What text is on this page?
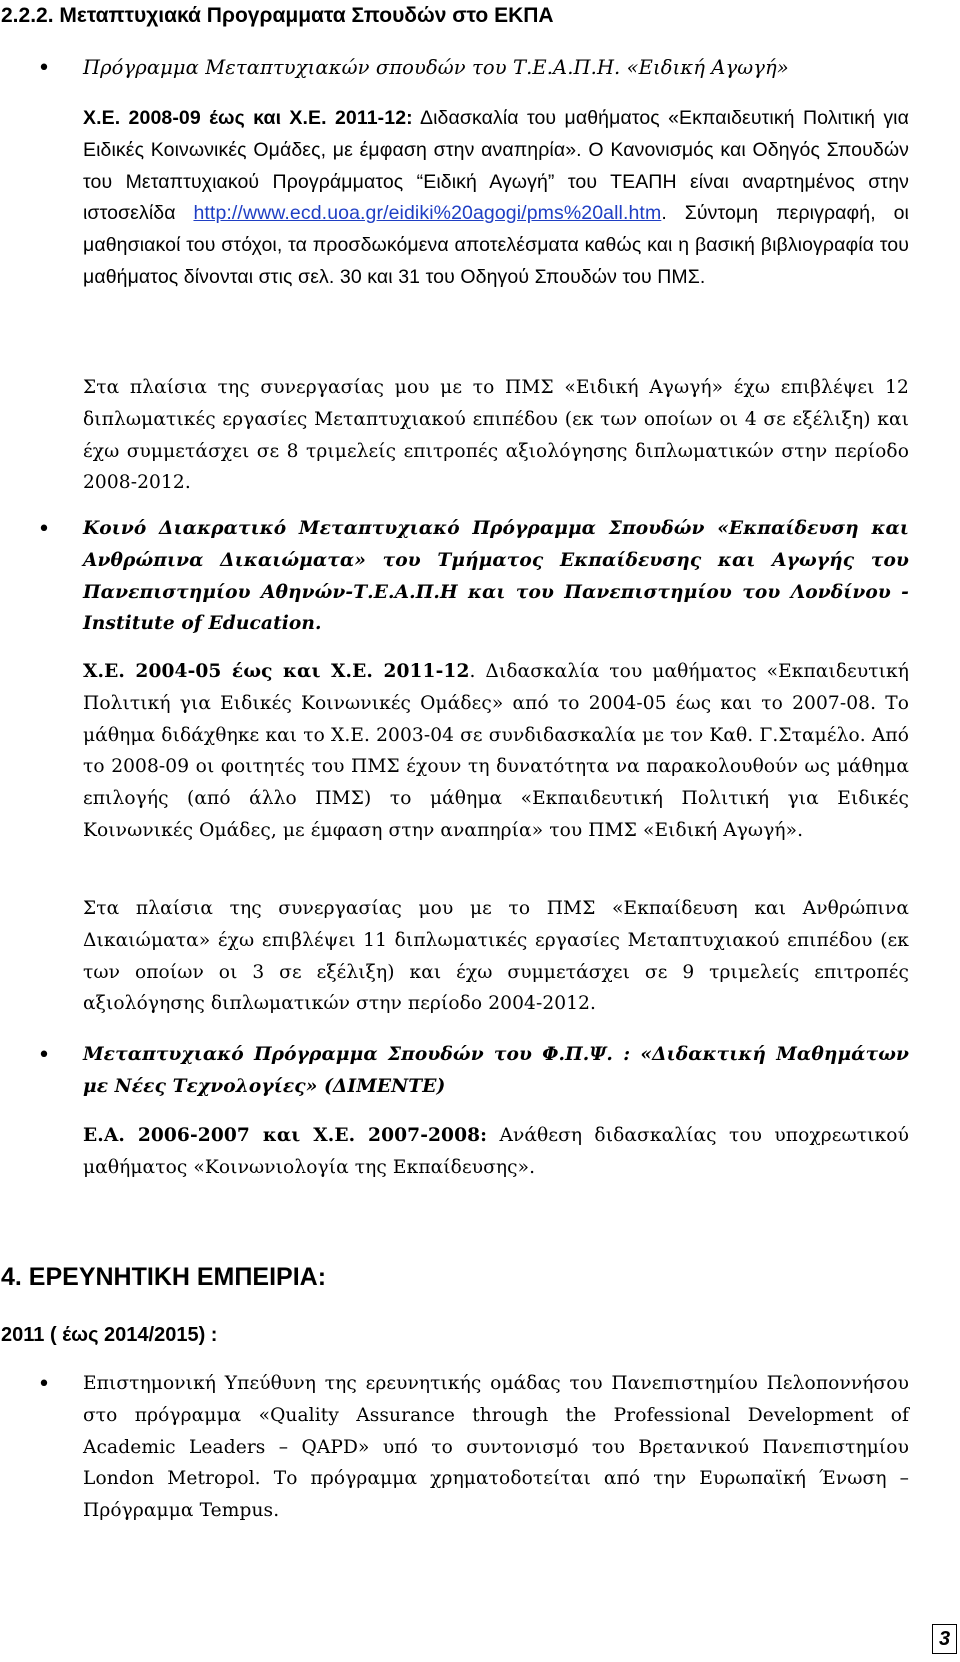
2.2.2. Μεταπτυχιακά Προγραμματα Σπουδών στο ΕΚΠΑ
• Πρόγραμμα Μεταπτυχιακών σπουδών του Τ.Ε.Α.Π.Η. «Ειδική Αγωγή»

Χ.Ε. 2008-09 έως και Χ.Ε. 2011-12: Διδασκαλία του μαθήματος «Εκπαιδευτική Πολιτική για Ειδικές Κοινωνικές Ομάδες, με έμφαση στην αναπηρία». Ο Κανονισμός και Οδηγός Σπουδών του Μεταπτυχιακού Προγράμματος “Ειδική Αγωγή” του ΤΕΑΠΗ είναι αναρτημένος στην ιστοσελίδα http://www.ecd.uoa.gr/eidiki%20agogi/pms%20all.htm. Σύντομη περιγραφή, οι μαθησιακοί του στόχοι, τα προσδωκόμενα αποτελέσματα καθώς και η βασική βιβλιογραφία του μαθήματος δίνονται στις σελ. 30 και 31 του Οδηγού Σπουδών του ΠΜΣ.

Στα πλαίσια της συνεργασίας μου με το ΠΜΣ «Ειδική Αγωγή» έχω επιβλέψει 12 διπλωματικές εργασίες Μεταπτυχιακού επιπέδου (εκ των οποίων οι 4 σε εξέλιξη) και έχω συμμετάσχει σε 8 τριμελείς επιτροπές αξιολόγησης διπλωματικών στην περίοδο 2008-2012.

• Κοινό Διακρατικό Μεταπτυχιακό Πρόγραμμα Σπουδών «Εκπαίδευση και Ανθρώπινα Δικαιώματα» του Τμήματος Εκπαίδευσης και Αγωγής του Πανεπιστημίου Αθηνών-Τ.Ε.Α.Π.Η και του Πανεπιστημίου του Λονδίνου - Institute of Education.

Χ.Ε. 2004-05 έως και Χ.Ε. 2011-12. Διδασκαλία του μαθήματος «Εκπαιδευτική Πολιτική για Ειδικές Κοινωνικές Ομάδες» από το 2004-05 έως και το 2007-08. Το μάθημα διδάχθηκε και το Χ.Ε. 2003-04 σε συνδιδασκαλία με τον Καθ. Γ.Σταμέλο. Από το 2008-09 οι φοιτητές του ΠΜΣ έχουν τη δυνατότητα να παρακολουθούν ως μάθημα επιλογής (από άλλο ΠΜΣ) το μάθημα «Εκπαιδευτική Πολιτική για Ειδικές Κοινωνικές Ομάδες, με έμφαση στην αναπηρία» του ΠΜΣ «Ειδική Αγωγή».

Στα πλαίσια της συνεργασίας μου με το ΠΜΣ «Εκπαίδευση και Ανθρώπινα Δικαιώματα» έχω επιβλέψει 11 διπλωματικές εργασίες Μεταπτυχιακού επιπέδου (εκ των οποίων οι 3 σε εξέλιξη) και έχω συμμετάσχει σε 9 τριμελείς επιτροπές αξιολόγησης διπλωματικών στην περίοδο 2004-2012.

• Μεταπτυχιακό Πρόγραμμα Σπουδών του Φ.Π.Ψ. : «Διδακτική Μαθημάτων με Νέες Τεχνολογίες» (ΔΙΜΕΝΤΕ)

Ε.Α. 2006-2007 και Χ.Ε. 2007-2008: Ανάθεση διδασκαλίας του υποχρεωτικού μαθήματος «Κοινωνιολογία της Εκπαίδευσης».

4. ΕΡΕΥΝΗΤΙΚΗ ΕΜΠΕΙΡΙΑ:
2011 ( έως 2014/2015) :
• Επιστημονική Υπεύθυνη της ερευνητικής ομάδας του Πανεπιστημίου Πελοποννήσου στο πρόγραμμα «Quality Assurance through the Professional Development of Academic Leaders – QAPD» υπό το συντονισμό του Βρετανικού Πανεπιστημίου London Metropol. Το πρόγραμμα χρηματοδοτείται από την Ευρωπαϊκή Ένωση – Πρόγραμμα Tempus.

3
